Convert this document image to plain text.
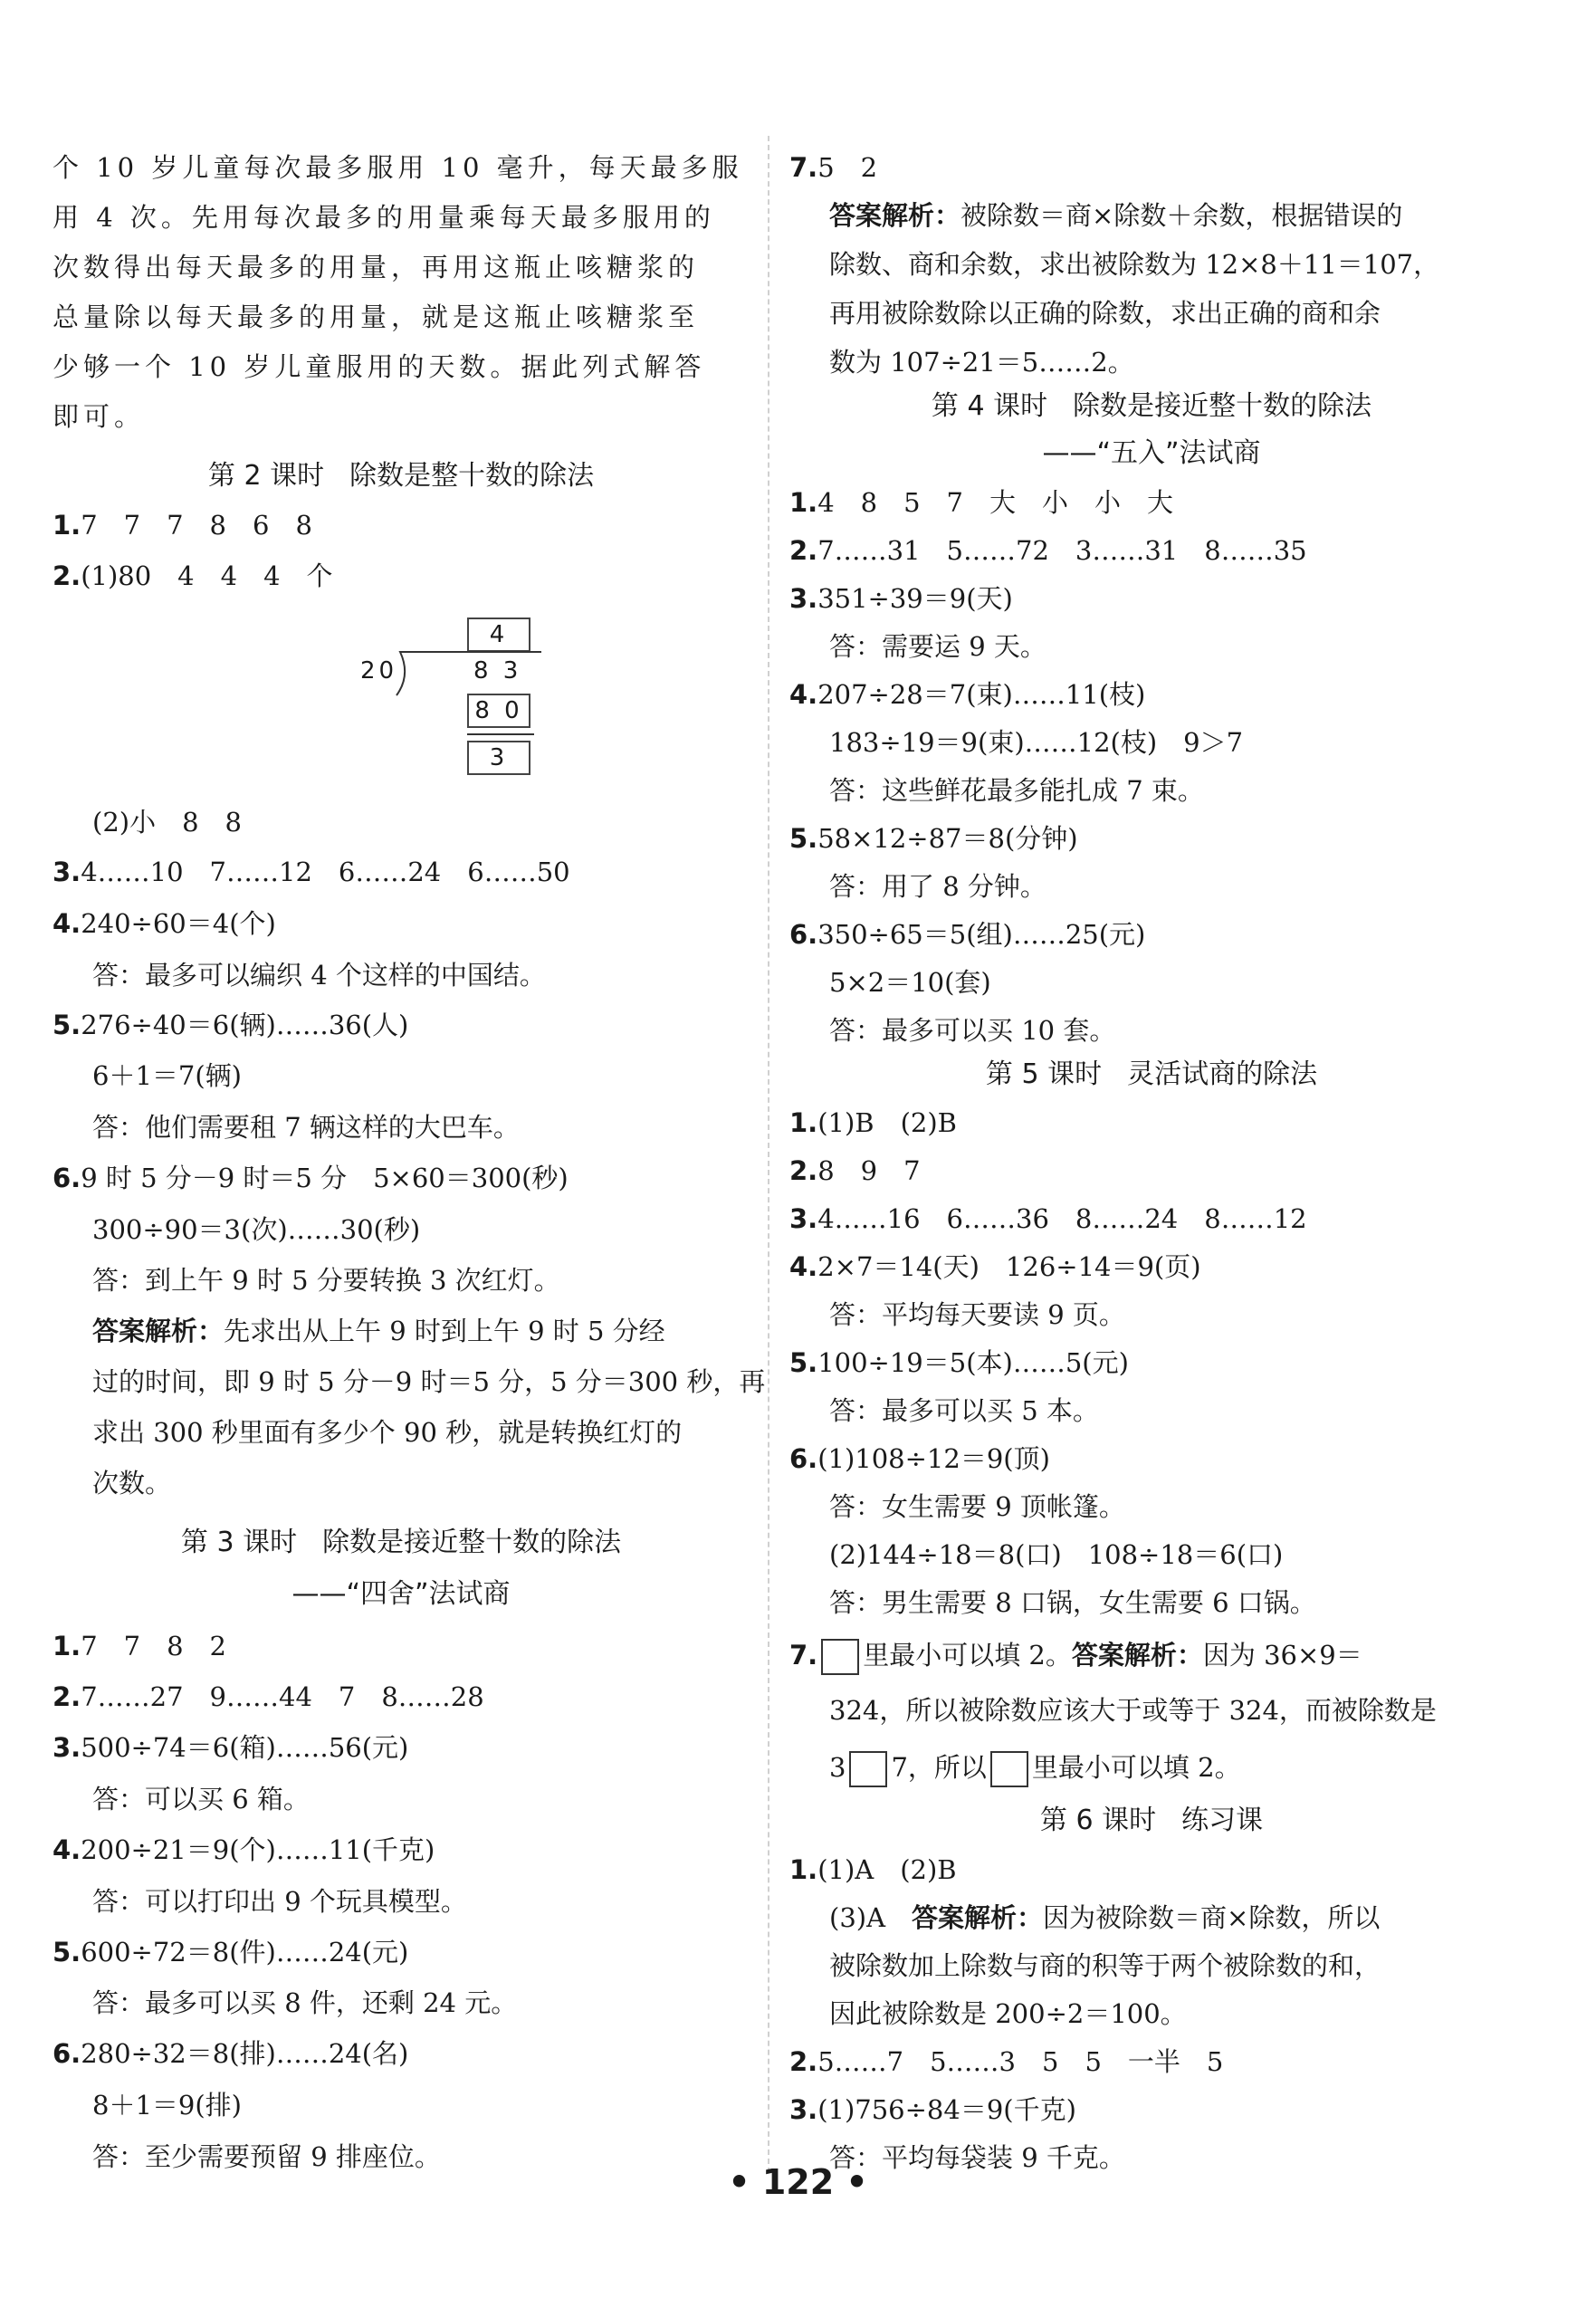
个 10 岁儿童每次最多服用 10 毫升，每天最多服
用 4 次。先用每次最多的用量乘每天最多服用的
次数得出每天最多的用量，再用这瓶止咳糖浆的
总量除以每天最多的用量，就是这瓶止咳糖浆至
少够一个 10 岁儿童服用的天数。据此列式解答
即可。
第 2 课时 除数是整十数的除法
1.7　7　7　8　6　8
2.(1)80　4　4　4　个
4
20	8 3
8 0
3
(2)小　8　8
3.4……10　7……12　6……24　6……50
4.240÷60＝4(个)
答：最多可以编织 4 个这样的中国结。
5.276÷40＝6(辆)……36(人)
6＋1＝7(辆)
答：他们需要租 7 辆这样的大巴车。
6.9 时 5 分－9 时＝5 分　5×60＝300(秒)
300÷90＝3(次)……30(秒)
答：到上午 9 时 5 分要转换 3 次红灯。
答案解析：先求出从上午 9 时到上午 9 时 5 分经
过的时间，即 9 时 5 分－9 时＝5 分，5 分＝300 秒，再
求出 300 秒里面有多少个 90 秒，就是转换红灯的
次数。
第 3 课时 除数是接近整十数的除法
——“四舍”法试商
1.7　7　8　2
2.7……27　9……44　7　8……28
3.500÷74＝6(箱)……56(元)
答：可以买 6 箱。
4.200÷21＝9(个)……11(千克)
答：可以打印出 9 个玩具模型。
5.600÷72＝8(件)……24(元)
答：最多可以买 8 件，还剩 24 元。
6.280÷32＝8(排)……24(名)
8＋1＝9(排)
答：至少需要预留 9 排座位。
7.5　2
答案解析：被除数＝商×除数＋余数，根据错误的
除数、商和余数，求出被除数为 12×8＋11＝107，
再用被除数除以正确的除数，求出正确的商和余
数为 107÷21＝5……2。
第 4 课时 除数是接近整十数的除法
——“五入”法试商
1.4　8　5　7　大　小　小　大
2.7……31　5……72　3……31　8……35
3.351÷39＝9(天)
答：需要运 9 天。
4.207÷28＝7(束)……11(枝)
183÷19＝9(束)……12(枝)　9＞7
答：这些鲜花最多能扎成 7 束。
5.58×12÷87＝8(分钟)
答：用了 8 分钟。
6.350÷65＝5(组)……25(元)
5×2＝10(套)
答：最多可以买 10 套。
第 5 课时 灵活试商的除法
1.(1)B　(2)B
2.8　9　7
3.4……16　6……36　8……24　8……12
4.2×7＝14(天)　126÷14＝9(页)
答：平均每天要读 9 页。
5.100÷19＝5(本)……5(元)
答：最多可以买 5 本。
6.(1)108÷12＝9(顶)
答：女生需要 9 顶帐篷。
(2)144÷18＝8(口)　108÷18＝6(口)
答：男生需要 8 口锅，女生需要 6 口锅。
7. 里最小可以填 2。答案解析：因为 36×9＝
324，所以被除数应该大于或等于 324，而被除数是
3 7，所以 里最小可以填 2。
第 6 课时 练习课
1.(1)A　(2)B
(3)A　答案解析：因为被除数＝商×除数，所以
被除数加上除数与商的积等于两个被除数的和，
因此被除数是 200÷2＝100。
2.5……7　5……3　5　5　一半　5
3.(1)756÷84＝9(千克)
答：平均每袋装 9 千克。
• 122 •
